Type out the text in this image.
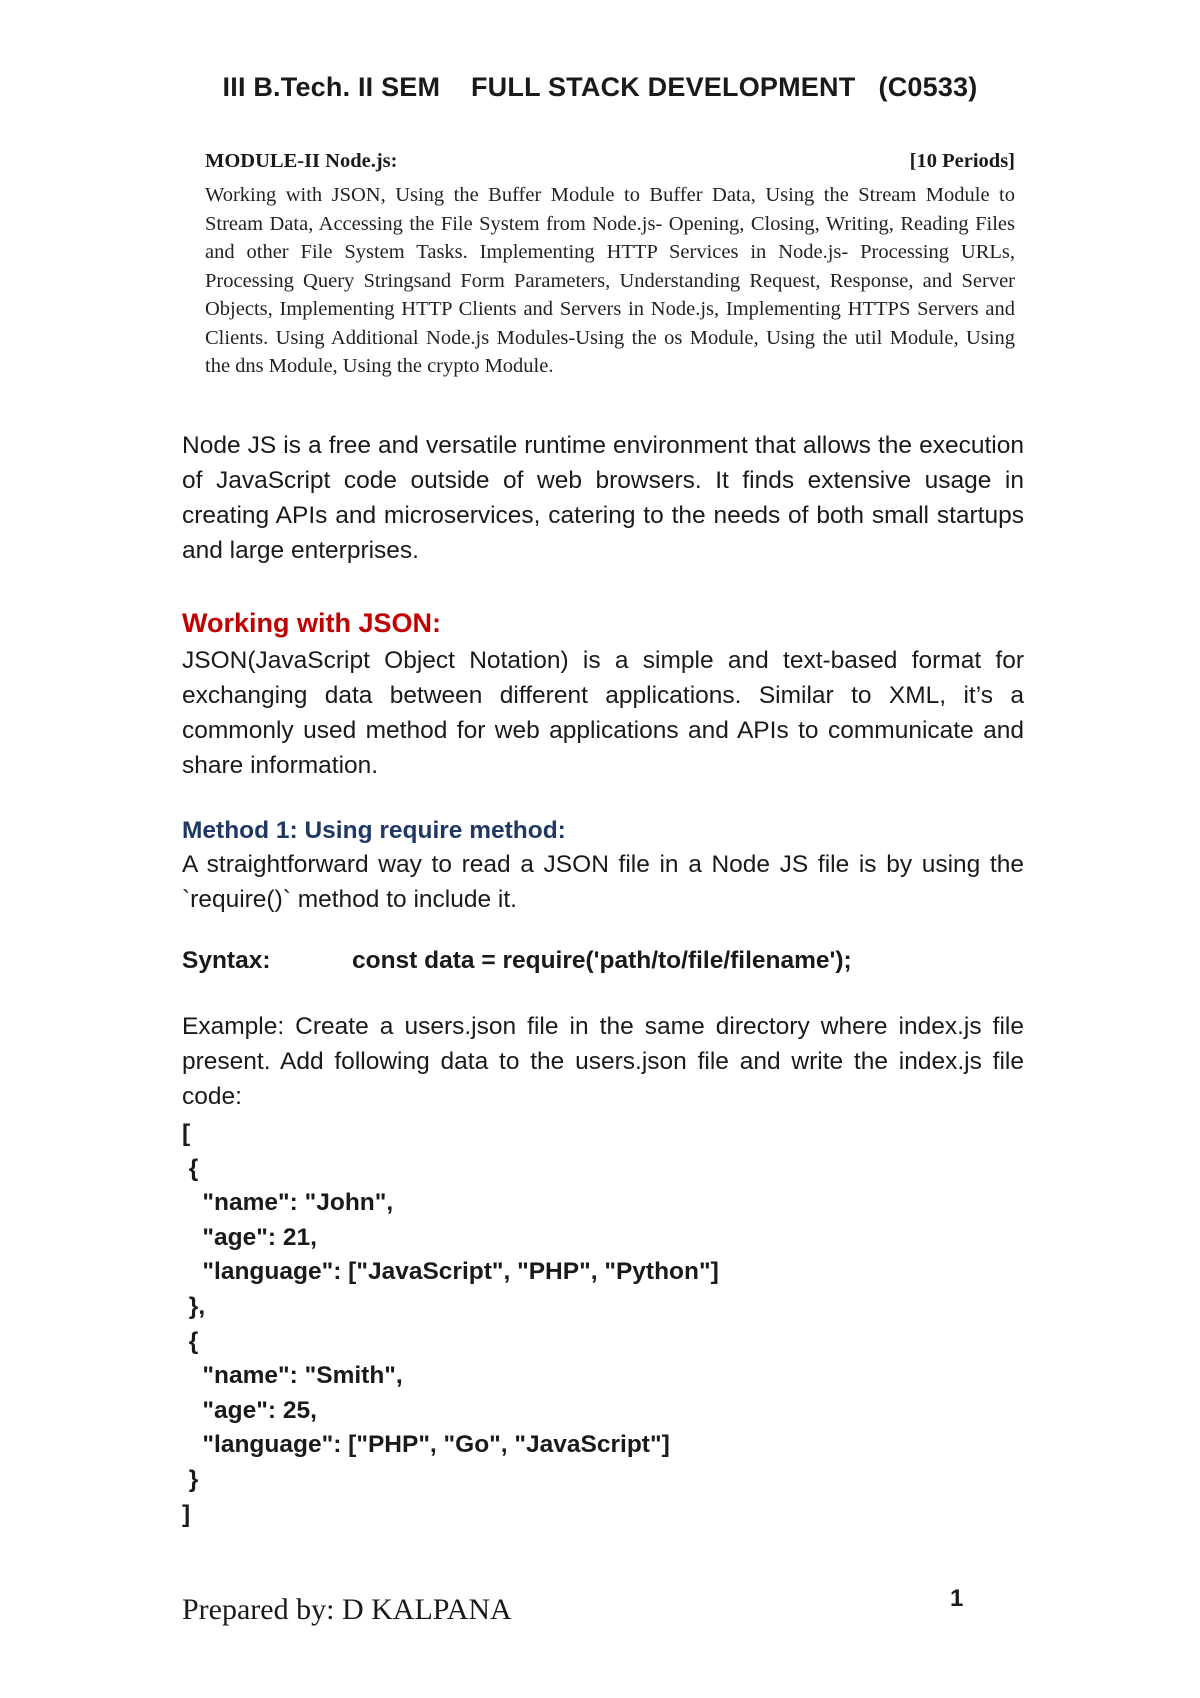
III B.Tech. II SEM    FULL STACK DEVELOPMENT   (C0533)
MODULE-II Node.js:	[10 Periods]
Working with JSON, Using the Buffer Module to Buffer Data, Using the Stream Module to Stream Data, Accessing the File System from Node.js- Opening, Closing, Writing, Reading Files and other File System Tasks. Implementing HTTP Services in Node.js- Processing URLs, Processing Query Stringsand Form Parameters, Understanding Request, Response, and Server Objects, Implementing HTTP Clients and Servers in Node.js, Implementing HTTPS Servers and Clients. Using Additional Node.js Modules-Using the os Module, Using the util Module, Using the dns Module, Using the crypto Module.

Node JS is a free and versatile runtime environment that allows the execution of JavaScript code outside of web browsers. It finds extensive usage in creating APIs and microservices, catering to the needs of both small startups and large enterprises.

Working with JSON:

JSON(JavaScript Object Notation) is a simple and text-based format for exchanging data between different applications. Similar to XML, it’s a commonly used method for web applications and APIs to communicate and share information.

Method 1: Using require method:

A straightforward way to read a JSON file in a Node JS file is by using the `require()` method to include it.

Syntax:	const data = require('path/to/file/filename');

Example: Create a users.json file in the same directory where index.js file present. Add following data to the users.json file and write the index.js file code:

[
{
"name": "John",
"age": 21,
"language": ["JavaScript", "PHP", "Python"]
},
{
"name": "Smith",
"age": 25,
"language": ["PHP", "Go", "JavaScript"]
}
]
Prepared by: D KALPANA	1
